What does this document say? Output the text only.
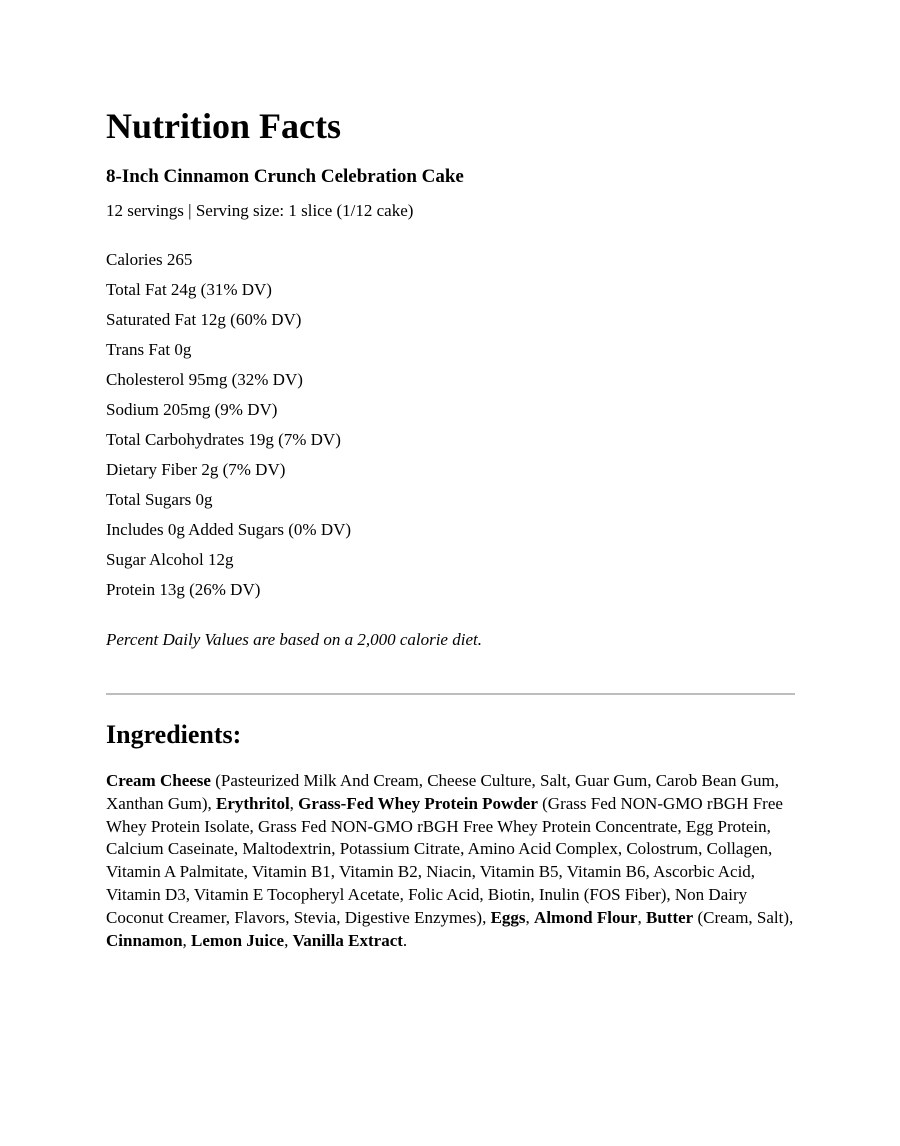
Nutrition Facts
8-Inch Cinnamon Crunch Celebration Cake
12 servings | Serving size: 1 slice (1/12 cake)
Calories 265
Total Fat 24g (31% DV)
Saturated Fat 12g (60% DV)
Trans Fat 0g
Cholesterol 95mg (32% DV)
Sodium 205mg (9% DV)
Total Carbohydrates 19g (7% DV)
Dietary Fiber 2g (7% DV)
Total Sugars 0g
Includes 0g Added Sugars (0% DV)
Sugar Alcohol 12g
Protein 13g (26% DV)
Percent Daily Values are based on a 2,000 calorie diet.
Ingredients:

Cream Cheese (Pasteurized Milk And Cream, Cheese Culture, Salt, Guar Gum, Carob Bean Gum, Xanthan Gum), Erythritol, Grass-Fed Whey Protein Powder (Grass Fed NON-GMO rBGH Free Whey Protein Isolate, Grass Fed NON-GMO rBGH Free Whey Protein Concentrate, Egg Protein, Calcium Caseinate, Maltodextrin, Potassium Citrate, Amino Acid Complex, Colostrum, Collagen, Vitamin A Palmitate, Vitamin B1, Vitamin B2, Niacin, Vitamin B5, Vitamin B6, Ascorbic Acid, Vitamin D3, Vitamin E Tocopheryl Acetate, Folic Acid, Biotin, Inulin (FOS Fiber), Non Dairy Coconut Creamer, Flavors, Stevia, Digestive Enzymes), Eggs, Almond Flour, Butter (Cream, Salt), Cinnamon, Lemon Juice, Vanilla Extract.
